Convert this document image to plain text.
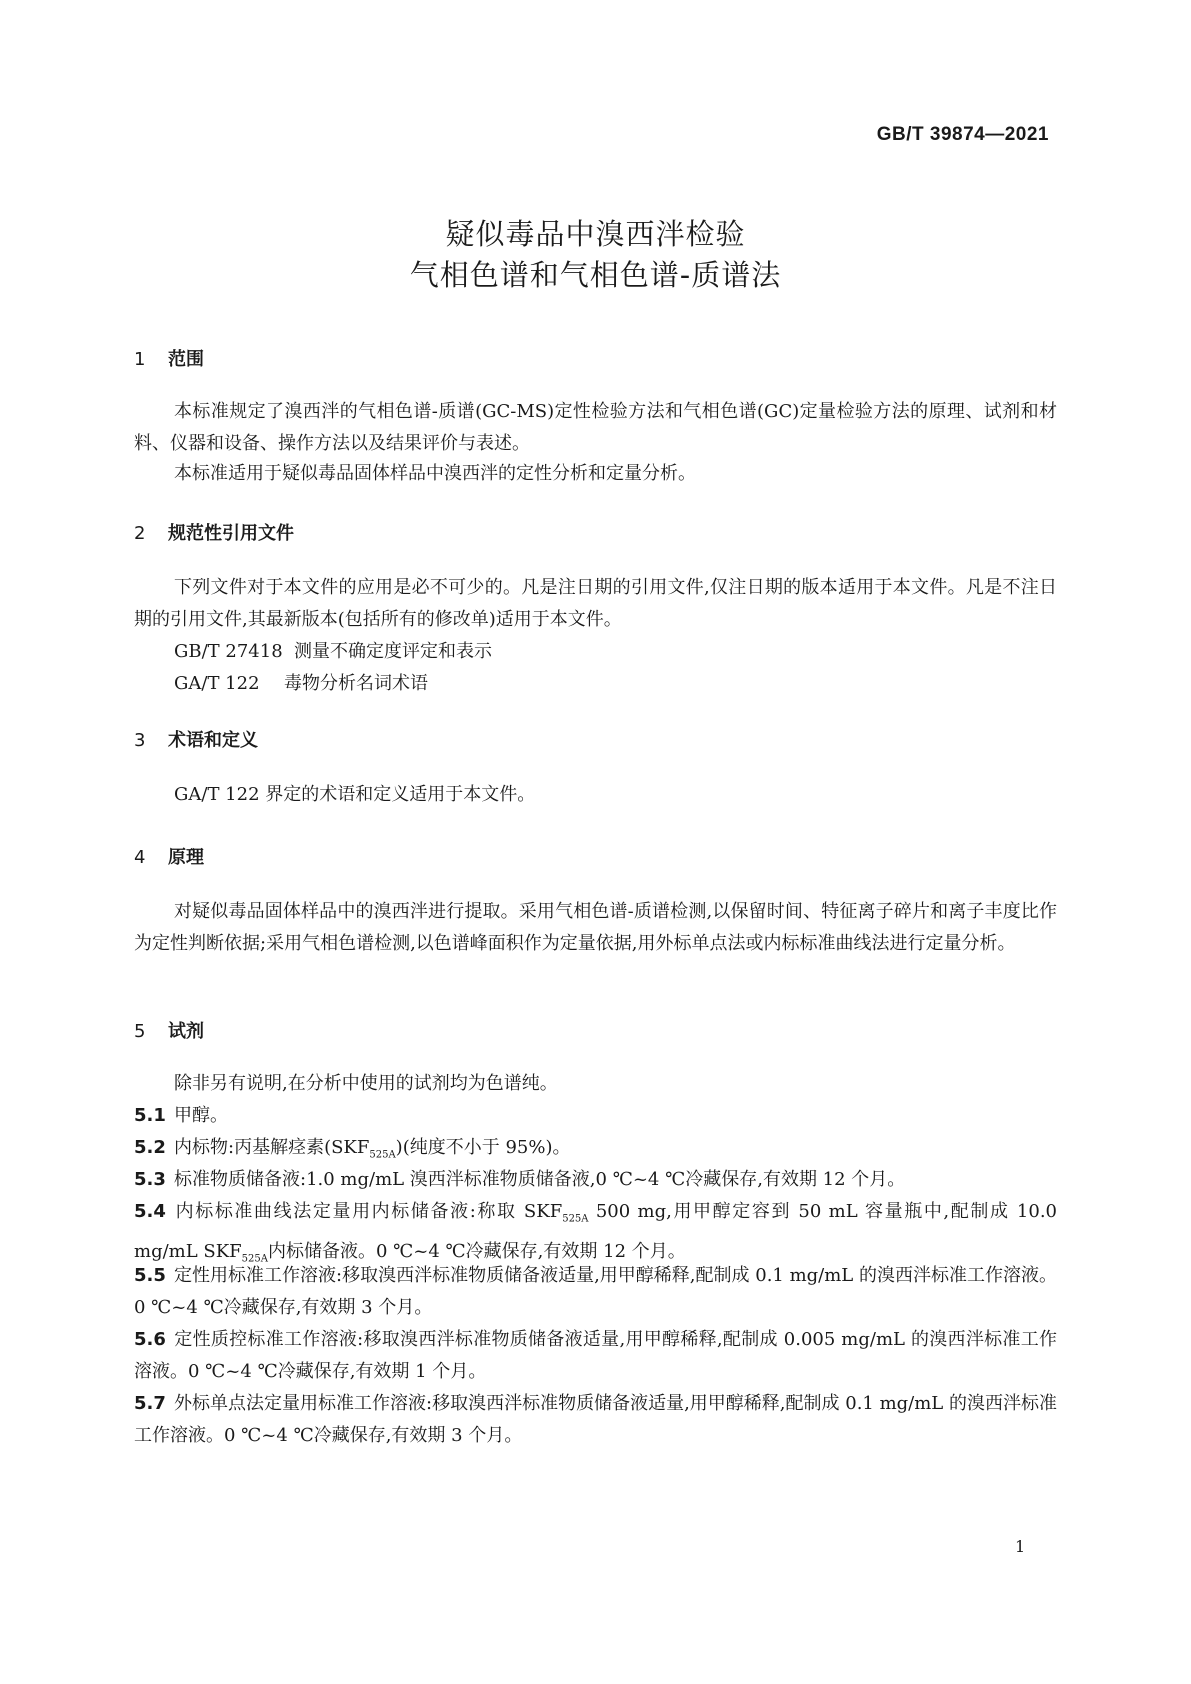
GB/T 39874—2021
疑似毒品中溴西泮检验
气相色谱和气相色谱-质谱法
1 范围

本标准规定了溴西泮的气相色谱-质谱(GC-MS)定性检验方法和气相色谱(GC)定量检验方法的原理、试剂和材料、仪器和设备、操作方法以及结果评价与表述。

本标准适用于疑似毒品固体样品中溴西泮的定性分析和定量分析。

2 规范性引用文件

下列文件对于本文件的应用是必不可少的。凡是注日期的引用文件,仅注日期的版本适用于本文件。凡是不注日期的引用文件,其最新版本(包括所有的修改单)适用于本文件。

GB/T 27418 测量不确定度评定和表示
GA/T 122 毒物分析名词术语
3 术语和定义

GA/T 122 界定的术语和定义适用于本文件。

4 原理

对疑似毒品固体样品中的溴西泮进行提取。采用气相色谱-质谱检测,以保留时间、特征离子碎片和离子丰度比作为定性判断依据;采用气相色谱检测,以色谱峰面积作为定量依据,用外标单点法或内标标准曲线法进行定量分析。

5 试剂

除非另有说明,在分析中使用的试剂均为色谱纯。

5.1 甲醇。

5.2 内标物:丙基解痉素$(SKF_{525A})$(纯度不小于 95%)。

5.3 标准物质储备液:1.0 mg/mL 溴西泮标准物质储备液,0 ℃~4 ℃冷藏保存,有效期 12 个月。

5.4 内标标准曲线法定量用内标储备液:称取 $SKF_{525A}$ 500 mg,用甲醇定容到 50 mL 容量瓶中,配制成 10.0 mg/mL $SKF_{525A}$内标储备液。0 ℃~4 ℃冷藏保存,有效期 12 个月。

5.5 定性用标准工作溶液:移取溴西泮标准物质储备液适量,用甲醇稀释,配制成 0.1 mg/mL 的溴西泮标准工作溶液。0 ℃~4 ℃冷藏保存,有效期 3 个月。

5.6 定性质控标准工作溶液:移取溴西泮标准物质储备液适量,用甲醇稀释,配制成 0.005 mg/mL 的溴西泮标准工作溶液。0 ℃~4 ℃冷藏保存,有效期 1 个月。

5.7 外标单点法定量用标准工作溶液:移取溴西泮标准物质储备液适量,用甲醇稀释,配制成 0.1 mg/mL 的溴西泮标准工作溶液。0 ℃~4 ℃冷藏保存,有效期 3 个月。

1
